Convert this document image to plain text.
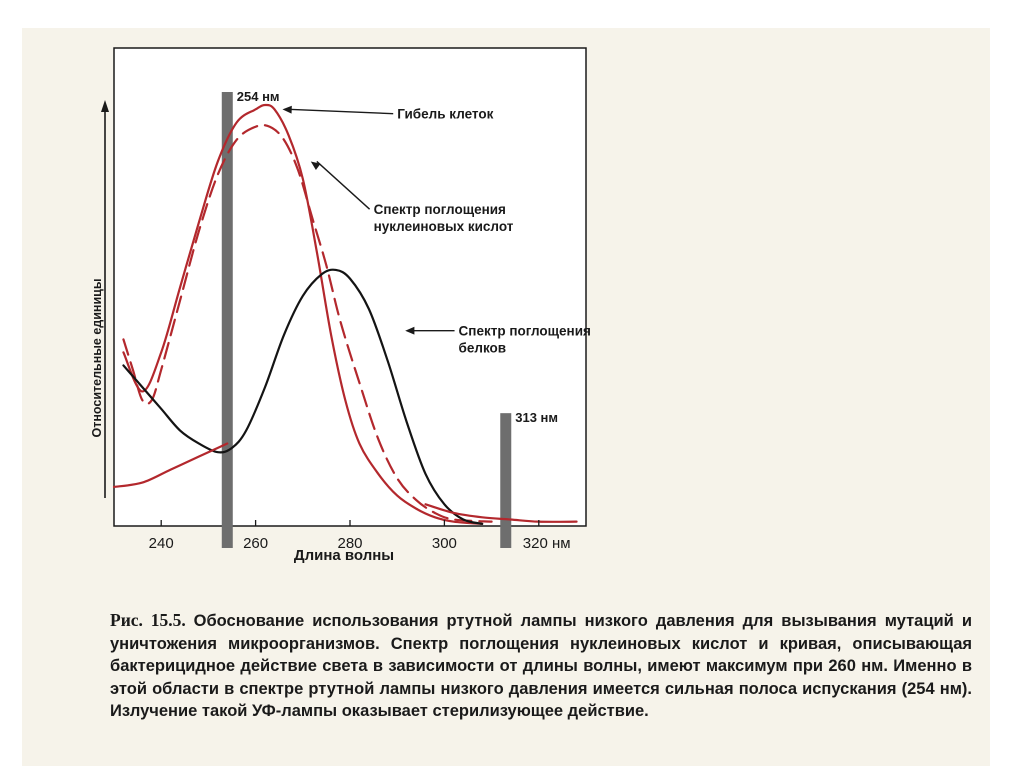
254 нм
313 нм
240	260	280	300	320 нм
Гибель клеток
Спектр поглощения нуклеиновых кислот
Спектр поглощения белков
Относительные единицы
Длина волны
Рис. 15.5. Обоснование использования ртутной лампы низкого давления для вызывания мутаций и уничтожения микроорганизмов. Спектр поглощения нуклеиновых кислот и кривая, описывающая бактерицидное действие света в зависимости от длины волны, имеют максимум при 260 нм. Именно в этой области в спектре ртутной лампы низкого давления имеется сильная полоса испускания (254 нм). Излучение такой УФ-лампы оказывает стерилизующее действие.
